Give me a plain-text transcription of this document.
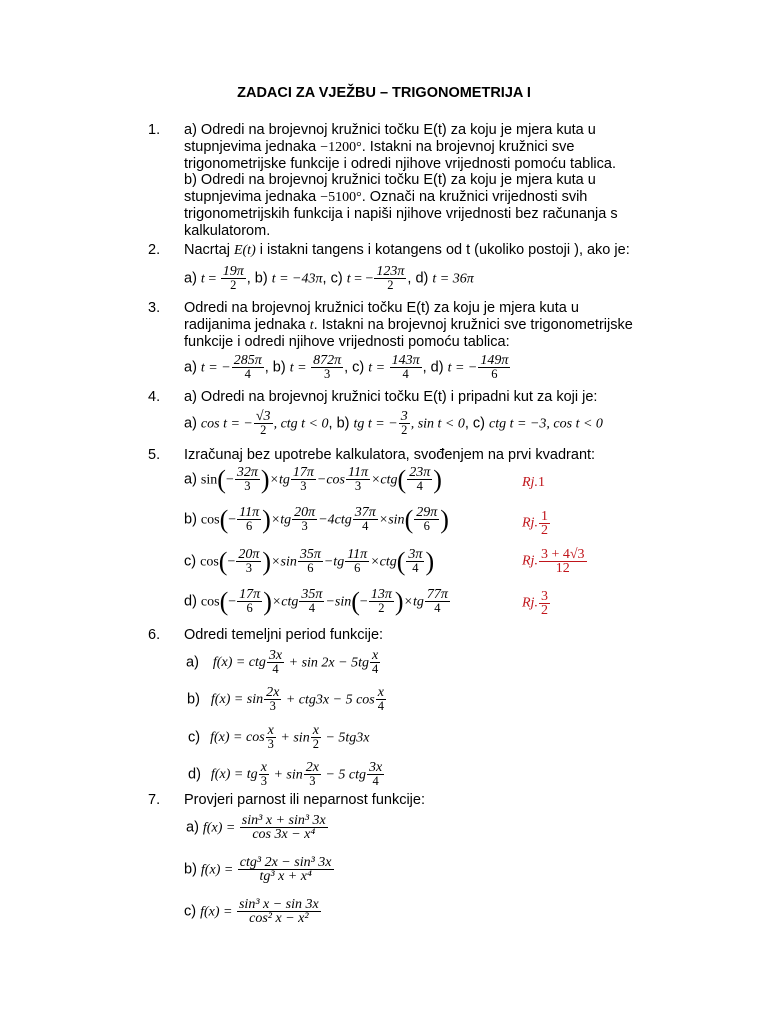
ZADACI ZA VJEŽBU – TRIGONOMETRIJA I
1.
2.
3.
4.
5.
6.
7.
a) Odredi na brojevnoj kružnici točku E(t) za koju je mjera kuta u
stupnjevima jednaka −1200°. Istakni na brojevnoj kružnici sve
trigonometrijske funkcije i odredi njihove vrijednosti pomoću tablica.
b) Odredi na brojevnoj kružnici točku E(t) za koju je mjera kuta u
stupnjevima jednaka −5100°. Označi na kružnici vrijednosti svih
trigonometrijskih funkcija i napiši njihove vrijednosti bez računanja s
kalkulatorom.
Nacrtaj E(t) i istakni tangens i kotangens od t (ukoliko postoji ), ako je:
a) $t = \frac{19\pi}{2}$ , b) t = −43π, c) t = − $\frac{123\pi}{2}$ , d) t = 36π
Odredi na brojevnoj kružnici točku E(t) za koju je mjera kuta u
radijanima jednaka t. Istakni na brojevnoj kružnici sve trigonometrijske
funkcije i odredi njihove vrijednosti pomoću tablica:
a) t = − $\frac{285\pi}{4}$ , b) $t = \frac{872\pi}{3}$ , c) $t = \frac{143\pi}{4}$ , d) t = − $\frac{149\pi}{6}$
a) Odredi na brojevnoj kružnici točku E(t) i pripadni kut za koji je:
a) cos t = − $\frac{√3}{2}$ , ctg t < 0, b) tg t = − $\frac{3}{2}$ , sin t < 0, c) ctg t = −3, cos t < 0
Izračunaj bez upotrebe kalkulatora, svođenjem na prvi kvadrant:
a) $\sin(- \frac{32\pi}{3} )\times tg \frac{17\pi}{3} -\cos \frac{11\pi}{3} \times ctg( \frac{23\pi}{4}$ )	Rj.1
b) $\cos(- \frac{11\pi}{6} )\times tg \frac{20\pi}{3} -4ctg \frac{37\pi}{4} \times\sin( \frac{29\pi}{6}$ )	Rj. $\frac{1}{2}$
c) $\cos(- \frac{20\pi}{3} )\times\sin \frac{35\pi}{6} -tg \frac{11\pi}{6} \times ctg( \frac{3\pi}{4}$ )	Rj. $\frac{3 + 4√3}{12}$
d) $\cos(- \frac{17\pi}{6} )\times ctg \frac{35\pi}{4} -\sin(- \frac{13\pi}{2} )\times tg \frac{77\pi}{4}$	Rj. $\frac{3}{2}$
Odredi temeljni period funkcije:
a) f(x) = ctg $\frac{3x}{4} + \sin 2x - 5tg \frac{x}{4}$
b) $f(x) = \sin \frac{2x}{3} + ctg3x - 5$ $\cos \frac{x}{4}$
c) $f(x) = \cos \frac{x}{3} + \sin \frac{x}{2} - 5tg3x$
d) f(x) = tg $\frac{x}{3} + \sin \frac{2x}{3} - 5$ ctg $\frac{3x}{4}$
Provjeri parnost ili neparnost funkcije:
a) $f(x) = \frac{\text{sin³ x + sin³ 3x}}{\text{cos 3x − x⁴}}$
b) $f(x) = \frac{\text{ctg³ 2x − sin³ 3x}}{\text{tg³ x + x⁴}}$
c) $f(x) = \frac{\text{sin³ x − sin 3x}}{\text{cos² x − x²}}$
